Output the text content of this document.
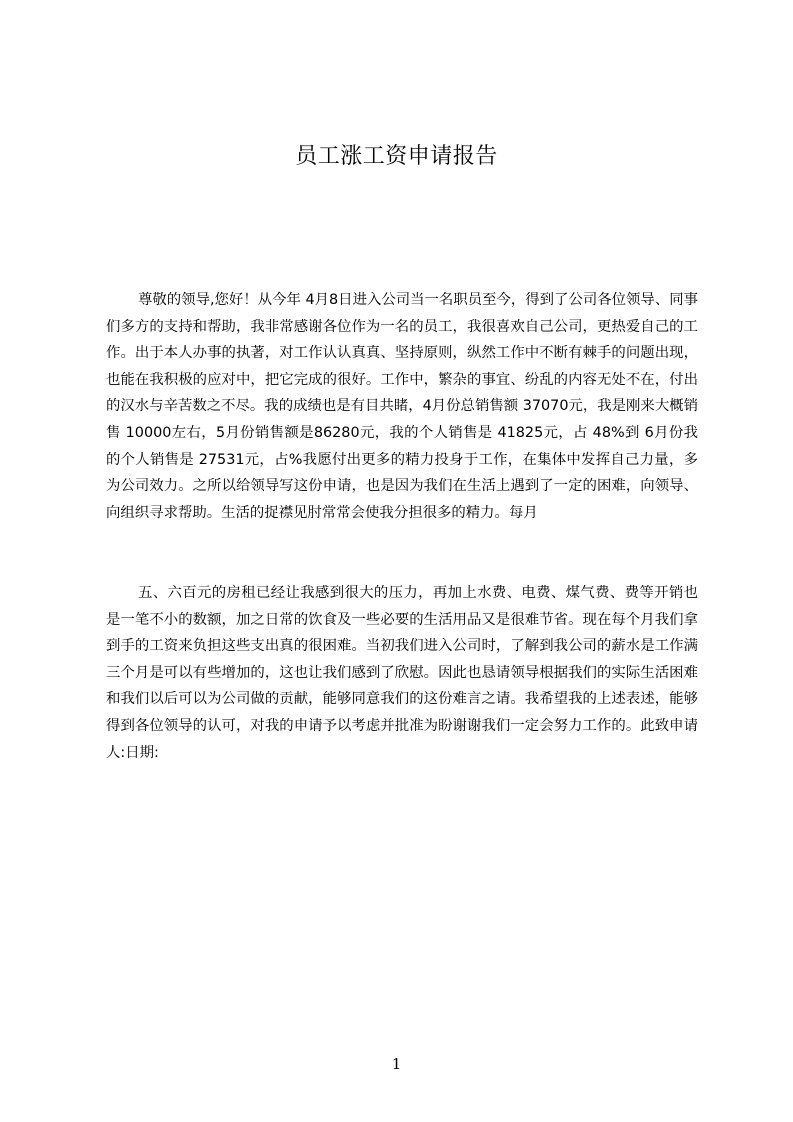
员工涨工资申请报告

尊敬的领导,您好！从今年 4月8日进入公司当一名职员至今，得到了公司各位领导、同事们多方的支持和帮助，我非常感谢各位作为一名的员工，我很喜欢自己公司，更热爱自己的工作。出于本人办事的执著，对工作认认真真、坚持原则，纵然工作中不断有棘手的问题出现，也能在我积极的应对中，把它完成的很好。工作中，繁杂的事宜、纷乱的内容无处不在，付出的汉水与辛苦数之不尽。我的成绩也是有目共睹，4月份总销售额 37070元，我是刚来大概销售 10000左右，5月份销售额是86280元，我的个人销售是 41825元，占 48%到 6月份我的个人销售是 27531元，占%我愿付出更多的精力投身于工作，在集体中发挥自己力量，多为公司效力。之所以给领导写这份申请，也是因为我们在生活上遇到了一定的困难，向领导、向组织寻求帮助。生活的捉襟见肘常常会使我分担很多的精力。每月

五、六百元的房租已经让我感到很大的压力，再加上水费、电费、煤气费、费等开销也是一笔不小的数额，加之日常的饮食及一些必要的生活用品又是很难节省。现在每个月我们拿到手的工资来负担这些支出真的很困难。当初我们进入公司时，了解到我公司的薪水是工作满三个月是可以有些增加的，这也让我们感到了欣慰。因此也恳请领导根据我们的实际生活困难和我们以后可以为公司做的贡献，能够同意我们的这份难言之请。我希望我的上述表述，能够得到各位领导的认可，对我的申请予以考虑并批准为盼谢谢我们一定会努力工作的。此致申请人:日期:

1
